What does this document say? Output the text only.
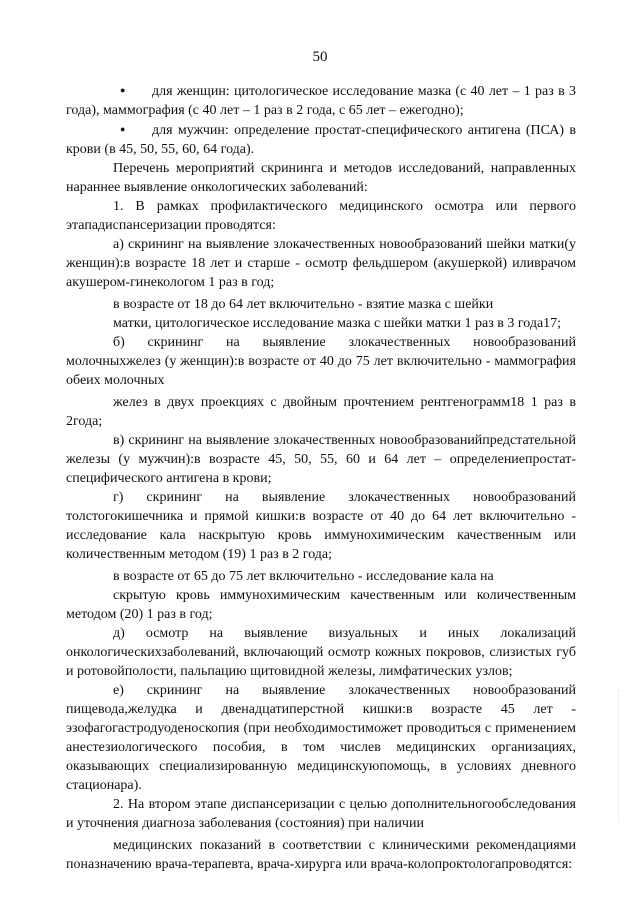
50

● для женщин: цитологическое исследование мазка (с 40 лет – 1 раз в 3 года), маммография (с 40 лет – 1 раз в 2 года, с 65 лет – ежегодно);

● для мужчин: определение простат-специфического антигена (ПСА) в крови (в 45, 50, 55, 60, 64 года).

Перечень мероприятий скрининга и методов исследований, направленных нараннее выявление онкологических заболеваний:

1. В рамках профилактического медицинского осмотра или первого этападиспансеризации проводятся:

а) скрининг на выявление злокачественных новообразований шейки матки(у женщин):в возрасте 18 лет и старше - осмотр фельдшером (акушеркой) иливрачом акушером-гинекологом 1 раз в год;

в возрасте от 18 до 64 лет включительно - взятие мазка с шейки

матки, цитологическое исследование мазка с шейки матки 1 раз в 3 года17;

б) скрининг на выявление злокачественных новообразований молочныхжелез (у женщин):в возрасте от 40 до 75 лет включительно - маммография обеих молочных

желез в двух проекциях с двойным прочтением рентгенограмм18 1 раз в 2года;

в) скрининг на выявление злокачественных новообразованийпредстательной железы (у мужчин):в возрасте 45, 50, 55, 60 и 64 лет – определениепростат-специфического антигена в крови;

г) скрининг на выявление злокачественных новообразований толстогокишечника и прямой кишки:в возрасте от 40 до 64 лет включительно - исследование кала наскрытую кровь иммунохимическим качественным или количественным методом (19) 1 раз в 2 года;

в возрасте от 65 до 75 лет включительно - исследование кала на

скрытую кровь иммунохимическим качественным или количественным методом (20) 1 раз в год;

д) осмотр на выявление визуальных и иных локализаций онкологическихзаболеваний, включающий осмотр кожных покровов, слизистых губ и ротовойполости, пальпацию щитовидной железы, лимфатических узлов;

е) скрининг на выявление злокачественных новообразований пищевода,желудка и двенадцатиперстной кишки:в возрасте 45 лет - эзофагогастродуоденоскопия (при необходимостиможет проводиться с применением анестезиологического пособия, в том числев медицинских организациях, оказывающих специализированную медицинскуюпомощь, в условиях дневного стационара).

2. На втором этапе диспансеризации с целью дополнительногообследования и уточнения диагноза заболевания (состояния) при наличии

медицинских показаний в соответствии с клиническими рекомендациями поназначению врача-терапевта, врача-хирурга или врача-колопроктологапроводятся:
